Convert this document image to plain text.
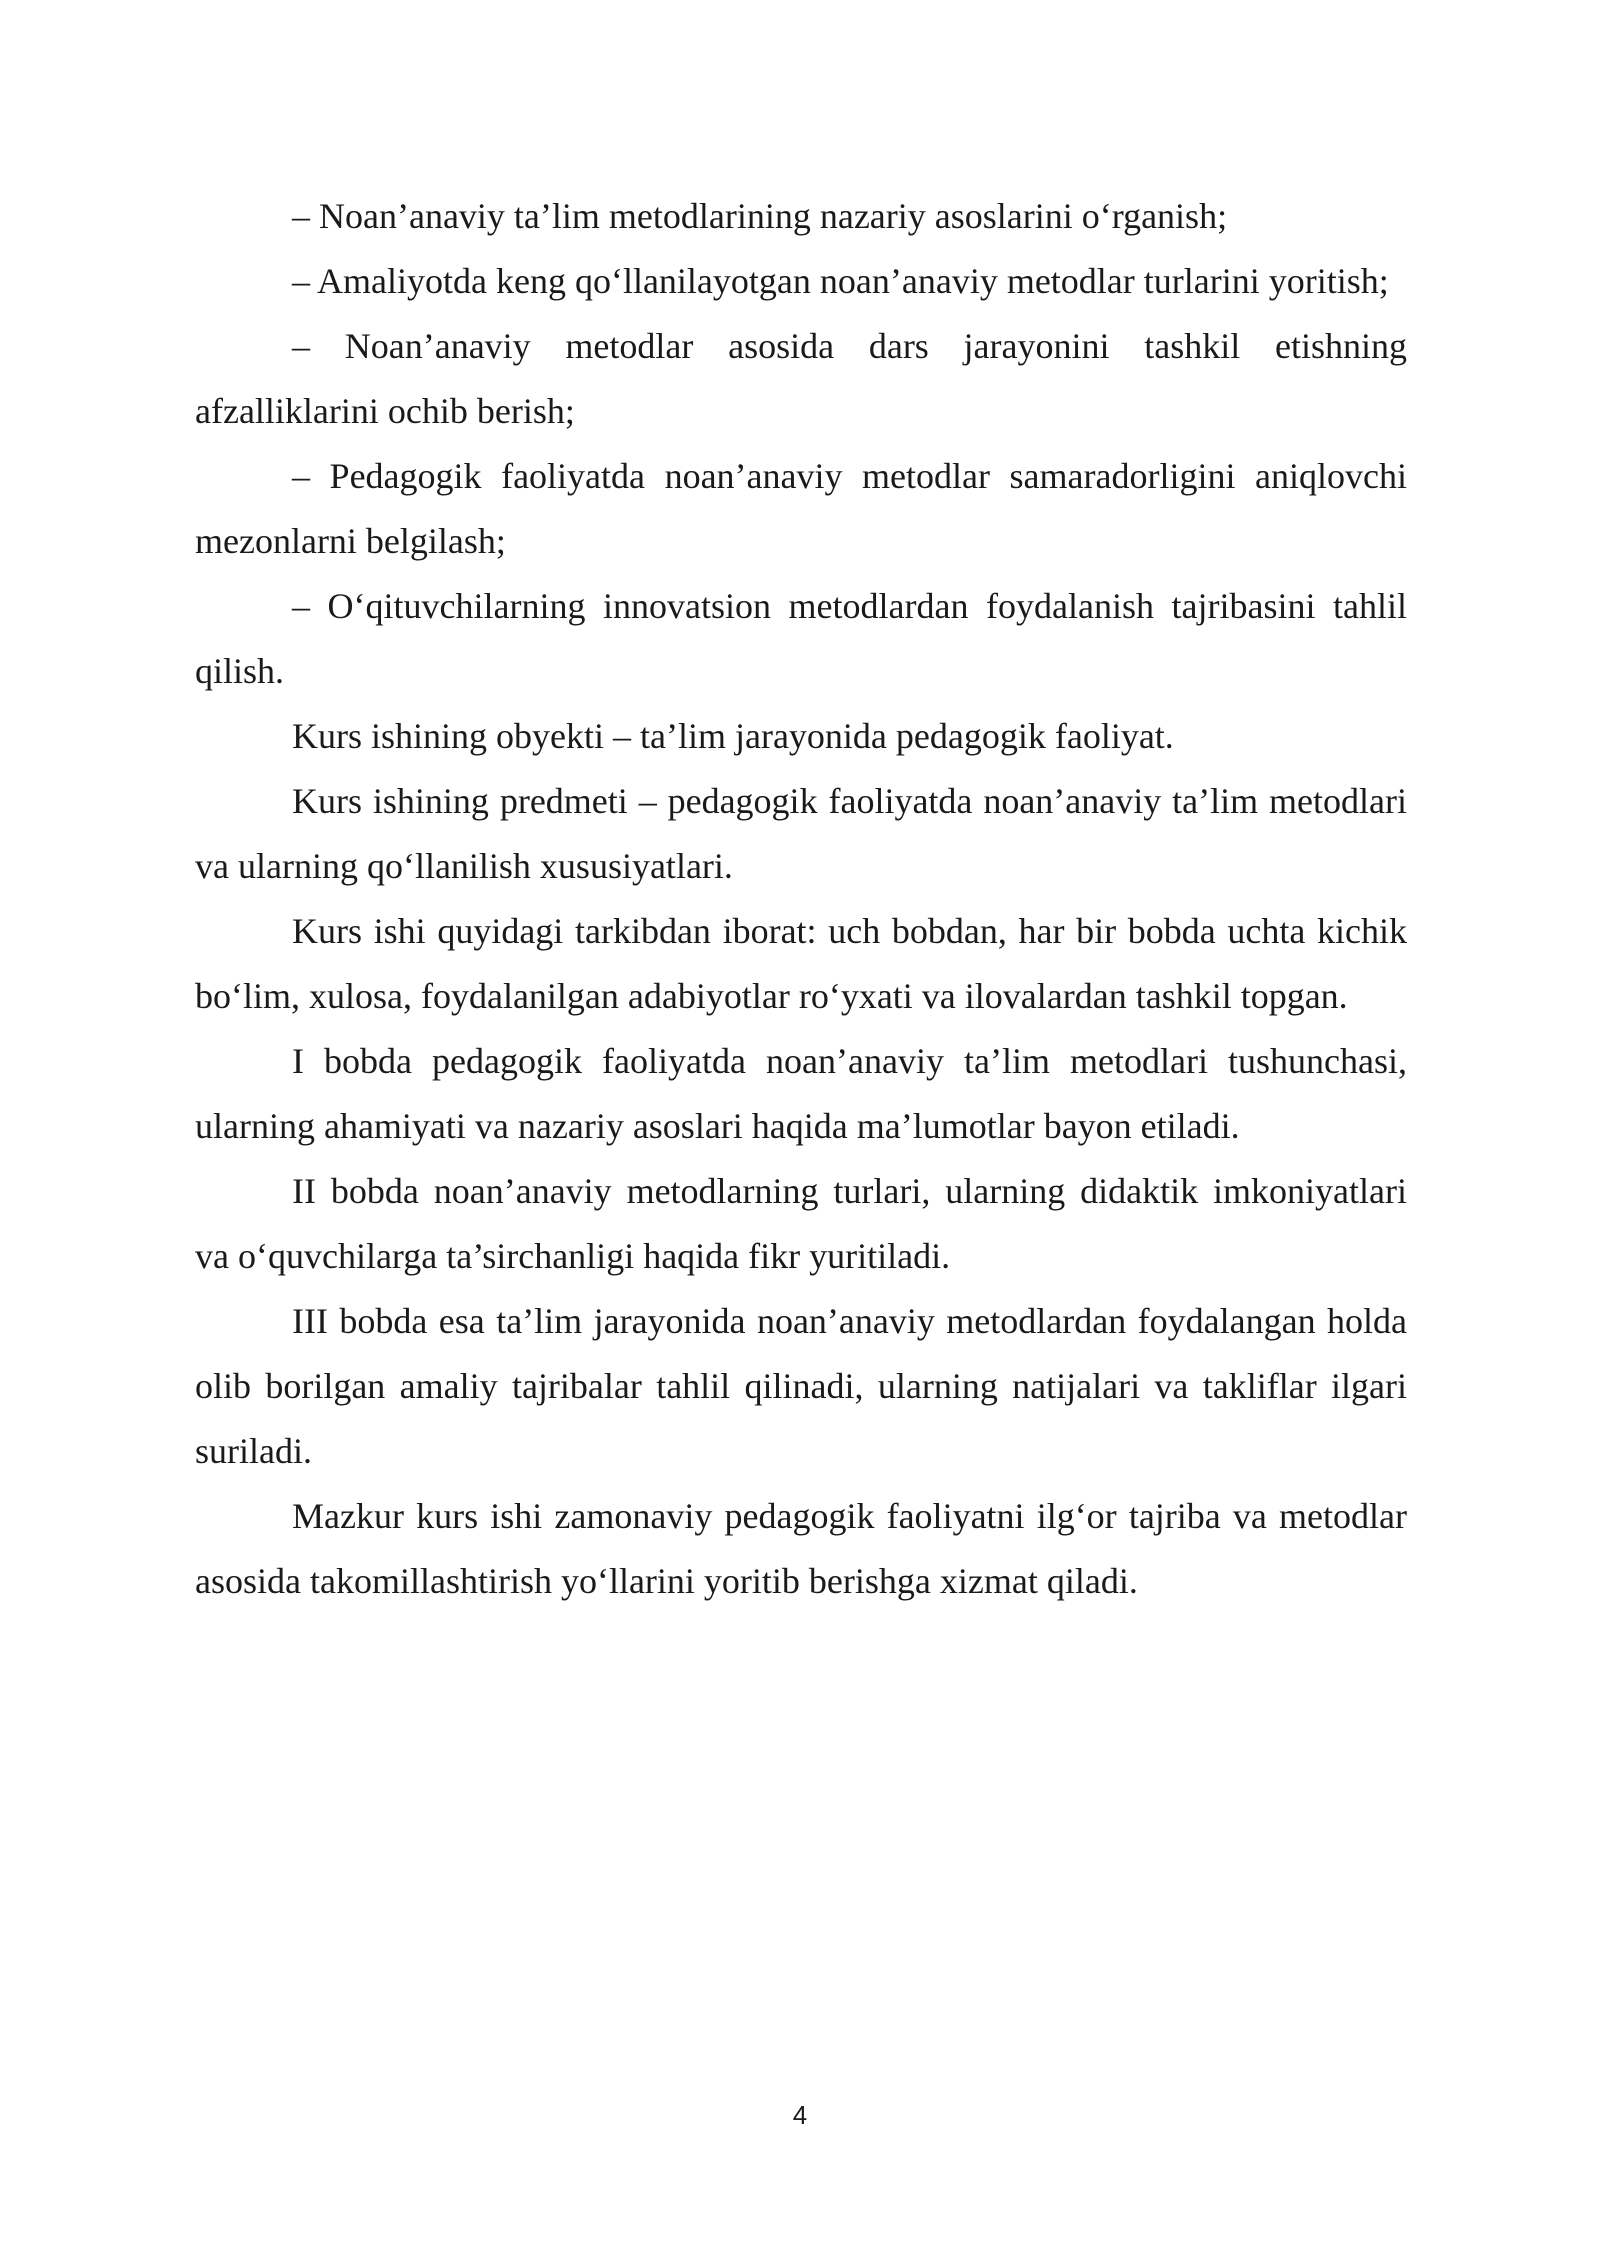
– Noan’anaviy ta’lim metodlarining nazariy asoslarini o‘rganish;

– Amaliyotda keng qo‘llanilayotgan noan’anaviy metodlar turlarini yoritish;

– Noan’anaviy metodlar asosida dars jarayonini tashkil etishning afzalliklarini ochib berish;

– Pedagogik faoliyatda noan’anaviy metodlar samaradorligini aniqlovchi mezonlarni belgilash;

– O‘qituvchilarning innovatsion metodlardan foydalanish tajribasini tahlil qilish.

Kurs ishining obyekti – ta’lim jarayonida pedagogik faoliyat.

Kurs ishining predmeti – pedagogik faoliyatda noan’anaviy ta’lim metodlari va ularning qo‘llanilish xususiyatlari.

Kurs ishi quyidagi tarkibdan iborat: uch bobdan, har bir bobda uchta kichik bo‘lim, xulosa, foydalanilgan adabiyotlar ro‘yxati va ilovalardan tashkil topgan.

I bobda pedagogik faoliyatda noan’anaviy ta’lim metodlari tushunchasi, ularning ahamiyati va nazariy asoslari haqida ma’lumotlar bayon etiladi.

II bobda noan’anaviy metodlarning turlari, ularning didaktik imkoniyatlari va o‘quvchilarga ta’sirchanligi haqida fikr yuritiladi.

III bobda esa ta’lim jarayonida noan’anaviy metodlardan foydalangan holda olib borilgan amaliy tajribalar tahlil qilinadi, ularning natijalari va takliflar ilgari suriladi.

Mazkur kurs ishi zamonaviy pedagogik faoliyatni ilg‘or tajriba va metodlar asosida takomillashtirish yo‘llarini yoritib berishga xizmat qiladi.

4
